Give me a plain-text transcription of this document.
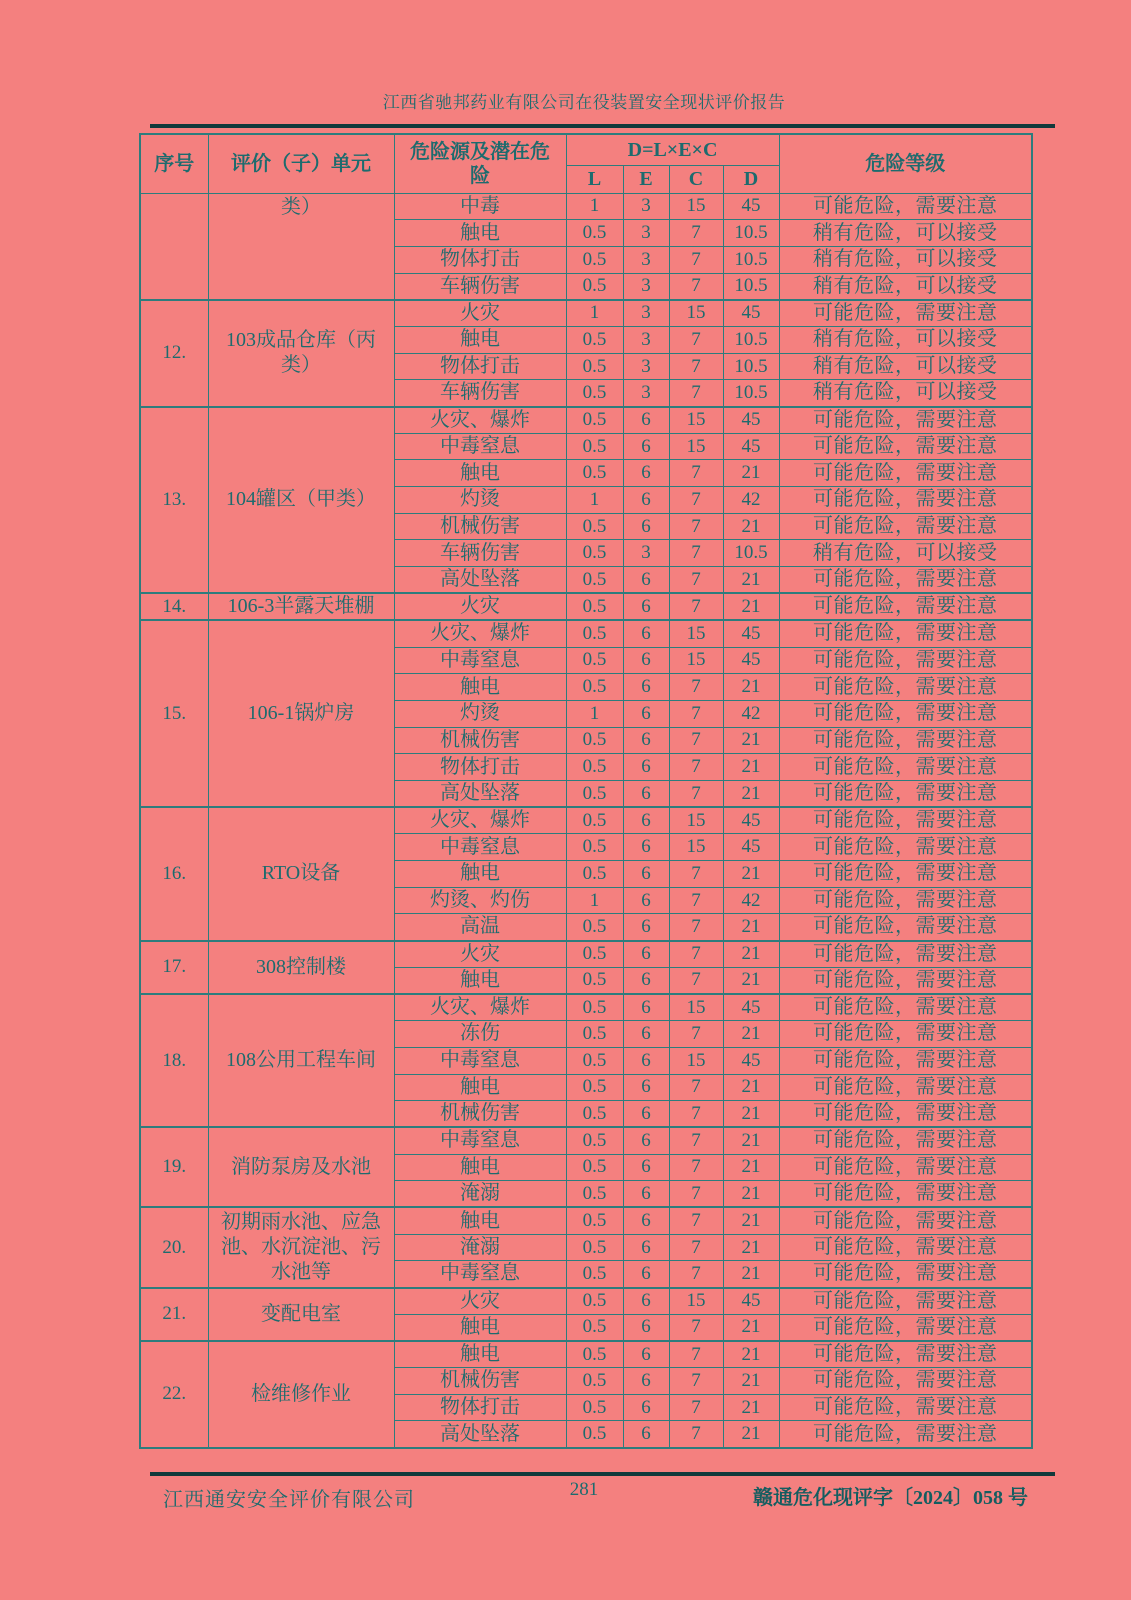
江西省驰邦药业有限公司在役装置安全现状评价报告
序号	评价（子）单元	危险源及潜在危险	D=L×E×C				危险等级
			L	E	C	D	
	类）	中毒	1	3	15	45	可能危险，需要注意
		触电	0.5	3	7	10.5	稍有危险，可以接受
		物体打击	0.5	3	7	10.5	稍有危险，可以接受
		车辆伤害	0.5	3	7	10.5	稍有危险，可以接受
12.	103成品仓库（丙类）	火灾	1	3	15	45	可能危险，需要注意
		触电	0.5	3	7	10.5	稍有危险，可以接受
		物体打击	0.5	3	7	10.5	稍有危险，可以接受
		车辆伤害	0.5	3	7	10.5	稍有危险，可以接受
13.	104罐区（甲类）	火灾、爆炸	0.5	6	15	45	可能危险，需要注意
		中毒窒息	0.5	6	15	45	可能危险，需要注意
		触电	0.5	6	7	21	可能危险，需要注意
		灼烫	1	6	7	42	可能危险，需要注意
		机械伤害	0.5	6	7	21	可能危险，需要注意
		车辆伤害	0.5	3	7	10.5	稍有危险，可以接受
		高处坠落	0.5	6	7	21	可能危险，需要注意
14.	106-3半露天堆棚	火灾	0.5	6	7	21	可能危险，需要注意
15.	106-1锅炉房	火灾、爆炸	0.5	6	15	45	可能危险，需要注意
		中毒窒息	0.5	6	15	45	可能危险，需要注意
		触电	0.5	6	7	21	可能危险，需要注意
		灼烫	1	6	7	42	可能危险，需要注意
		机械伤害	0.5	6	7	21	可能危险，需要注意
		物体打击	0.5	6	7	21	可能危险，需要注意
		高处坠落	0.5	6	7	21	可能危险，需要注意
16.	RTO设备	火灾、爆炸	0.5	6	15	45	可能危险，需要注意
		中毒窒息	0.5	6	15	45	可能危险，需要注意
		触电	0.5	6	7	21	可能危险，需要注意
		灼烫、灼伤	1	6	7	42	可能危险，需要注意
		高温	0.5	6	7	21	可能危险，需要注意
17.	308控制楼	火灾	0.5	6	7	21	可能危险，需要注意
		触电	0.5	6	7	21	可能危险，需要注意
18.	108公用工程车间	火灾、爆炸	0.5	6	15	45	可能危险，需要注意
		冻伤	0.5	6	7	21	可能危险，需要注意
		中毒窒息	0.5	6	15	45	可能危险，需要注意
		触电	0.5	6	7	21	可能危险，需要注意
		机械伤害	0.5	6	7	21	可能危险，需要注意
19.	消防泵房及水池	中毒窒息	0.5	6	7	21	可能危险，需要注意
		触电	0.5	6	7	21	可能危险，需要注意
		淹溺	0.5	6	7	21	可能危险，需要注意
20.	初期雨水池、应急池、水沉淀池、污水池等	触电	0.5	6	7	21	可能危险，需要注意
		淹溺	0.5	6	7	21	可能危险，需要注意
		中毒窒息	0.5	6	7	21	可能危险，需要注意
21.	变配电室	火灾	0.5	6	15	45	可能危险，需要注意
		触电	0.5	6	7	21	可能危险，需要注意
22.	检维修作业	触电	0.5	6	7	21	可能危险，需要注意
		机械伤害	0.5	6	7	21	可能危险，需要注意
		物体打击	0.5	6	7	21	可能危险，需要注意
		高处坠落	0.5	6	7	21	可能危险，需要注意
江西通安安全评价有限公司	281	赣通危化现评字〔2024〕058 号
